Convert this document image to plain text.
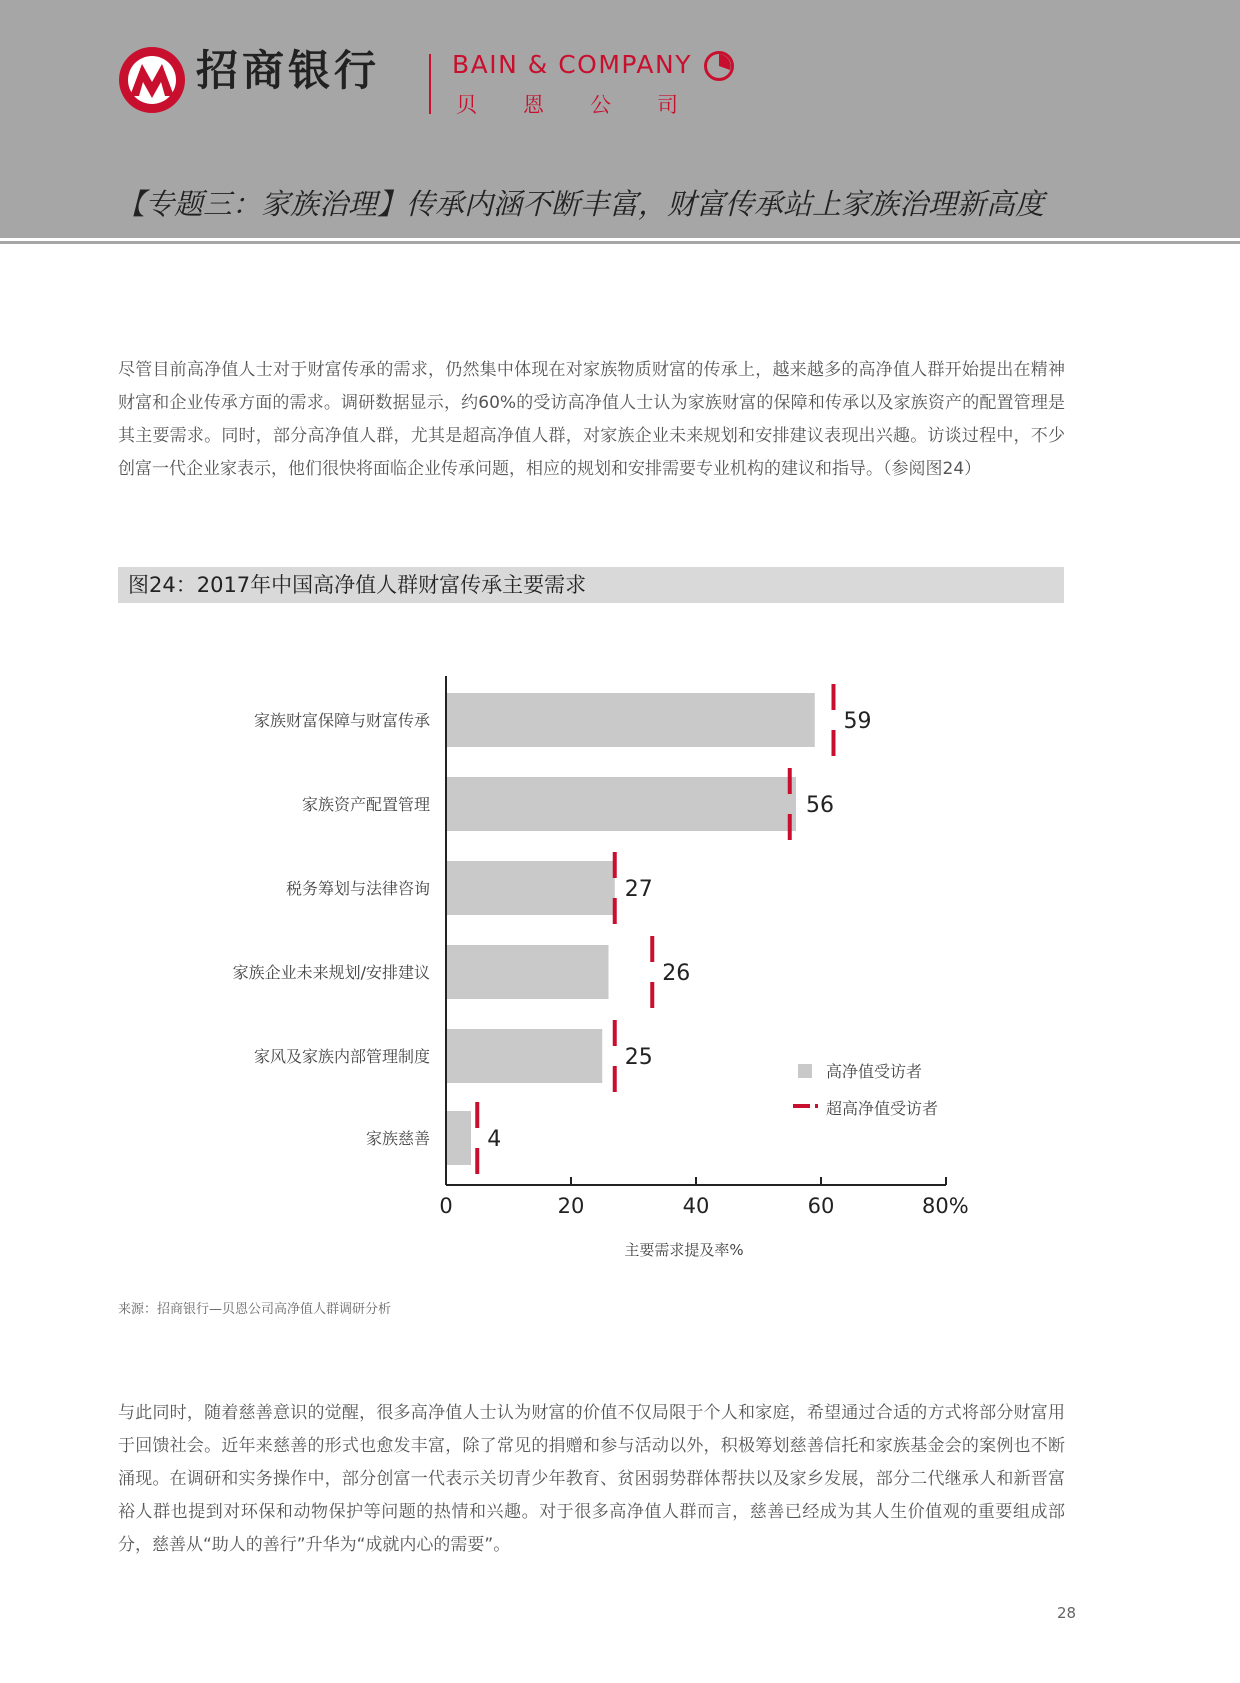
招商银行	BAIN & COMPANY
贝恩公司
【专题三：家族治理】传承内涵不断丰富，财富传承站上家族治理新高度

尽管目前高净值人士对于财富传承的需求，仍然集中体现在对家族物质财富的传承上，越来越多的高净值人群开始提出在精神财富和企业传承方面的需求。调研数据显示，约60%的受访高净值人士认为家族财富的保障和传承以及家族资产的配置管理是其主要需求。同时，部分高净值人群，尤其是超高净值人群，对家族企业未来规划和安排建议表现出兴趣。访谈过程中，不少创富一代企业家表示，他们很快将面临企业传承问题，相应的规划和安排需要专业机构的建议和指导。（参阅图24）

图24：2017年中国高净值人群财富传承主要需求
家族财富保障与财富传承	59
家族资产配置管理	56
税务筹划与法律咨询	27
家族企业未来规划/安排建议	26
家风及家族内部管理制度	25
家族慈善	4
0	20	40	60	80%
主要需求提及率%
高净值受访者
超高净值受访者
来源：招商银行—贝恩公司高净值人群调研分析

与此同时，随着慈善意识的觉醒，很多高净值人士认为财富的价值不仅局限于个人和家庭，希望通过合适的方式将部分财富用于回馈社会。近年来慈善的形式也愈发丰富，除了常见的捐赠和参与活动以外，积极筹划慈善信托和家族基金会的案例也不断涌现。在调研和实务操作中，部分创富一代表示关切青少年教育、贫困弱势群体帮扶以及家乡发展，部分二代继承人和新晋富裕人群也提到对环保和动物保护等问题的热情和兴趣。对于很多高净值人群而言，慈善已经成为其人生价值观的重要组成部分，慈善从“助人的善行”升华为“成就内心的需要”。

28
